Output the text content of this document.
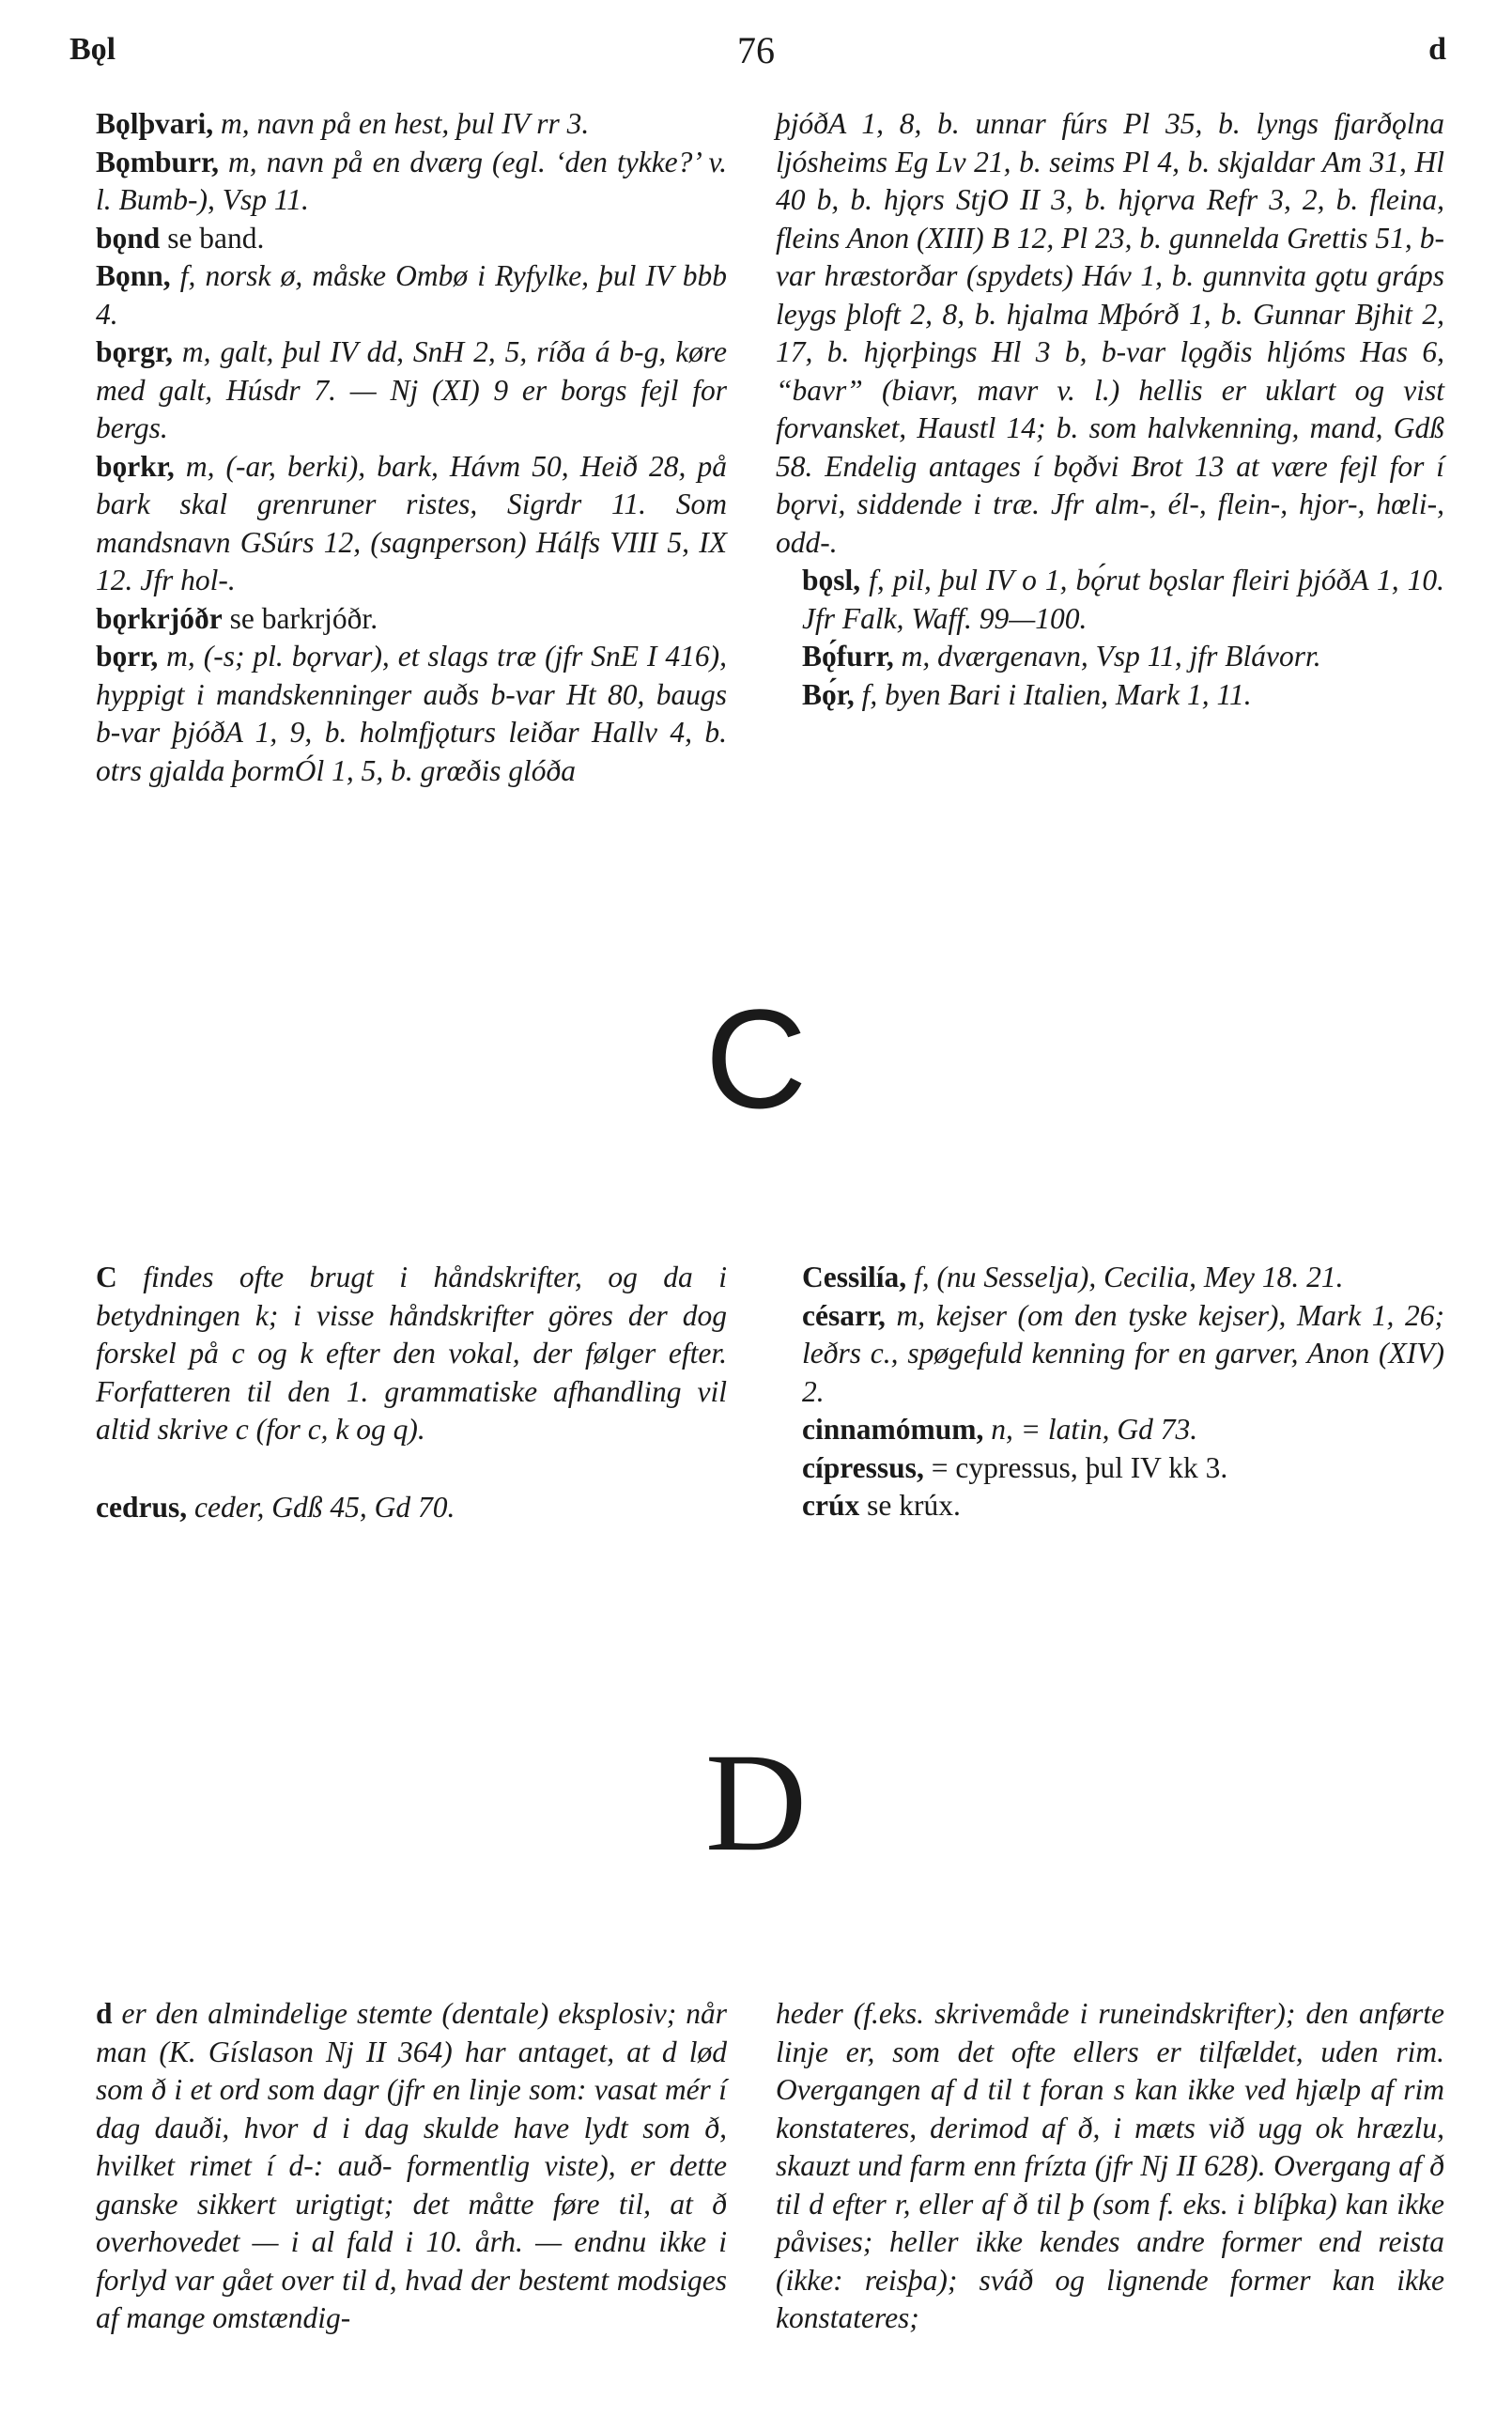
Bǫl	76	d

Bǫlþvari, m, navn på en hest, þul IV rr 3.

Bǫmburr, m, navn på en dværg (egl. ‘den tykke?’ v. l. Bumb-), Vsp 11.

bǫnd se band.

Bǫnn, f, norsk ø, måske Ombø i Ryfylke, þul IV bbb 4.

bǫrgr, m, galt, þul IV dd, SnH 2, 5, ríða á b-g, køre med galt, Húsdr 7. — Nj (XI) 9 er borgs fejl for bergs.

bǫrkr, m, (-ar, berki), bark, Hávm 50, Heið 28, på bark skal grenruner ristes, Sigrdr 11. Som mandsnavn GSúrs 12, (sagnperson) Hálfs VIII 5, IX 12. Jfr hol-.

bǫrkrjóðr se barkrjóðr.

bǫrr, m, (-s; pl. bǫrvar), et slags træ (jfr SnE I 416), hyppigt i mandskenninger auðs b-var Ht 80, baugs b-var þjóðA 1, 9, b. holmfjǫturs leiðar Hallv 4, b. otrs gjalda þormÓl 1, 5, b. grœðis glóða

þjóðA 1, 8, b. unnar fúrs Pl 35, b. lyngs fjarðǫlna ljósheims Eg Lv 21, b. seims Pl 4, b. skjaldar Am 31, Hl 40 b, b. hjǫrs StjO II 3, b. hjǫrva Refr 3, 2, b. fleina, fleins Anon (XIII) B 12, Pl 23, b. gunnelda Grettis 51, b-var hræstorðar (spydets) Háv 1, b. gunnvita gǫtu gráps leygs þloft 2, 8, b. hjalma Mþórð 1, b. Gunnar Bjhit 2, 17, b. hjǫrþings Hl 3 b, b-var lǫgðis hljóms Has 6, “bavr” (biavr, mavr v. l.) hellis er uklart og vist forvansket, Haustl 14; b. som halvkenning, mand, Gdß 58. Endelig antages í bǫðvi Brot 13 at være fejl for í bǫrvi, siddende i træ. Jfr alm-, él-, flein-, hjor-, hœli-, odd-.

bǫsl, f, pil, þul IV o 1, bǫ́rut bǫslar fleiri þjóðA 1, 10. Jfr Falk, Waff. 99—100.

Bǫ́furr, m, dværgenavn, Vsp 11, jfr Blávorr.

Bǫ́r, f, byen Bari i Italien, Mark 1, 11.

C

C findes ofte brugt i håndskrifter, og da i betydningen k; i visse håndskrifter göres der dog forskel på c og k efter den vokal, der følger efter. Forfatteren til den 1. grammatiske afhandling vil altid skrive c (for c, k og q).

cedrus, ceder, Gdß 45, Gd 70.

Cessilía, f, (nu Sesselja), Cecilia, Mey 18. 21.

césarr, m, kejser (om den tyske kejser), Mark 1, 26; leðrs c., spøgefuld kenning for en garver, Anon (XIV) 2.

cinnamómum, n, = latin, Gd 73.

cípressus, = cypressus, þul IV kk 3.

crúx se krúx.

D

d er den almindelige stemte (dentale) eksplosiv; når man (K. Gíslason Nj II 364) har antaget, at d lød som ð i et ord som dagr (jfr en linje som: vasat mér í dag dauði, hvor d i dag skulde have lydt som ð, hvilket rimet í d-: auð- formentlig viste), er dette ganske sikkert urigtigt; det måtte føre til, at ð overhovedet — i al fald i 10. årh. — endnu ikke i forlyd var gået over til d, hvad der bestemt modsiges af mange omstændig-

heder (f.eks. skrivemåde i runeindskrifter); den anførte linje er, som det ofte ellers er tilfældet, uden rim. Overgangen af d til t foran s kan ikke ved hjælp af rim konstateres, derimod af ð, i mæts við ugg ok hræzlu, skauzt und farm enn frízta (jfr Nj II 628). Overgang af ð til d efter r, eller af ð til þ (som f. eks. i blíþka) kan ikke påvises; heller ikke kendes andre former end reista (ikke: reisþa); sváð og lignende former kan ikke konstateres;
